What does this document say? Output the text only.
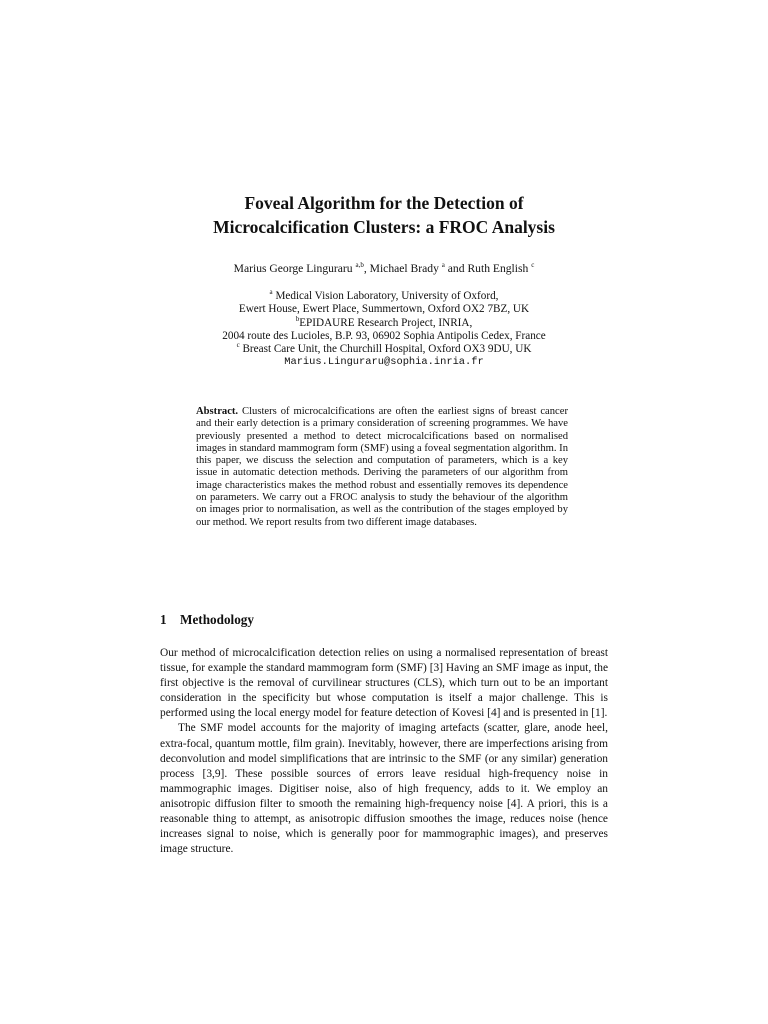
Foveal Algorithm for the Detection of
Microcalcification Clusters: a FROC Analysis
Marius George Linguraru $^{a,b}$, Michael Brady $^a$ and Ruth English $^c$
$^a$ Medical Vision Laboratory, University of Oxford,
Ewert House, Ewert Place, Summertown, Oxford OX2 7BZ, UK
$^b$EPIDAURE Research Project, INRIA,
2004 route des Lucioles, B.P. 93, 06902 Sophia Antipolis Cedex, France
$^c$ Breast Care Unit, the Churchill Hospital, Oxford OX3 9DU, UK
Marius.Linguraru@sophia.inria.fr
Abstract. Clusters of microcalcifications are often the earliest signs of breast cancer and their early detection is a primary consideration of screening programmes. We have previously presented a method to detect microcalcifications based on normalised images in standard mammogram form (SMF) using a foveal segmentation algorithm. In this paper, we discuss the selection and computation of parameters, which is a key issue in automatic detection methods. Deriving the parameters of our algorithm from image characteristics makes the method robust and essentially removes its dependence on parameters. We carry out a FROC analysis to study the behaviour of the algorithm on images prior to normalisation, as well as the contribution of the stages employed by our method. We report results from two different image databases.
1 Methodology

Our method of microcalcification detection relies on using a normalised representation of breast tissue, for example the standard mammogram form (SMF) [3] Having an SMF image as input, the first objective is the removal of curvilinear structures (CLS), which turn out to be an important consideration in the specificity but whose computation is itself a major challenge. This is performed using the local energy model for feature detection of Kovesi [4] and is presented in [1].

The SMF model accounts for the majority of imaging artefacts (scatter, glare, anode heel, extra-focal, quantum mottle, film grain). Inevitably, however, there are imperfections arising from deconvolution and model simplifications that are intrinsic to the SMF (or any similar) generation process [3,9]. These possible sources of errors leave residual high-frequency noise in mammographic images. Digitiser noise, also of high frequency, adds to it. We employ an anisotropic diffusion filter to smooth the remaining high-frequency noise [4]. A priori, this is a reasonable thing to attempt, as anisotropic diffusion smoothes the image, reduces noise (hence increases signal to noise, which is generally poor for mammographic images), and preserves image structure.
